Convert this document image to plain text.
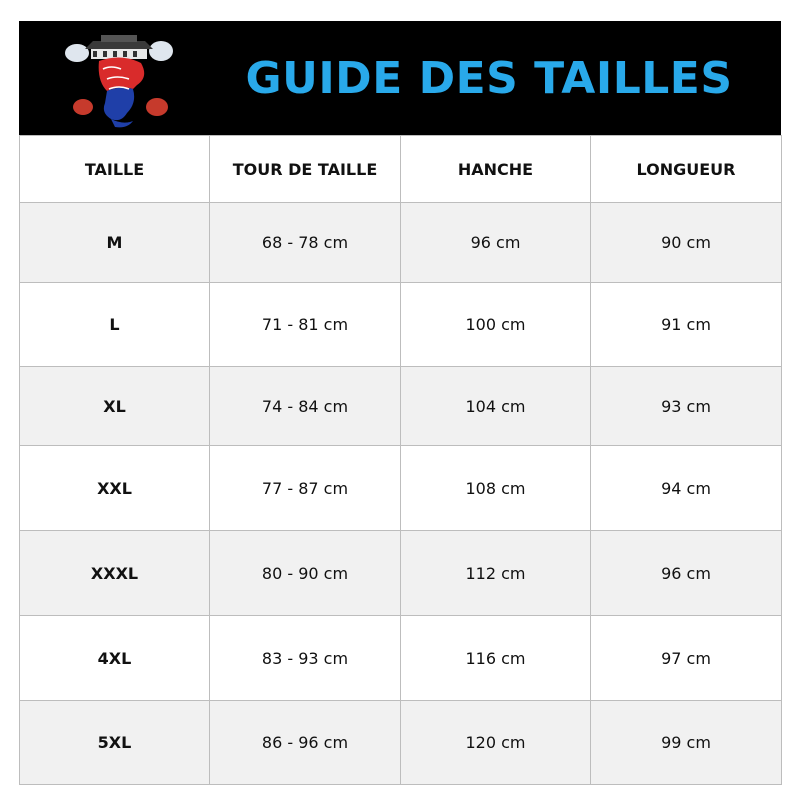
GUIDE DES TAILLES
TAILLE	TOUR DE TAILLE	HANCHE	LONGUEUR
M	68 - 78 cm	96 cm	90 cm
L	71 - 81 cm	100 cm	91 cm
XL	74 - 84 cm	104 cm	93 cm
XXL	77 - 87 cm	108 cm	94 cm
XXXL	80 - 90 cm	112 cm	96 cm
4XL	83 - 93 cm	116 cm	97 cm
5XL	86 - 96 cm	120 cm	99 cm
